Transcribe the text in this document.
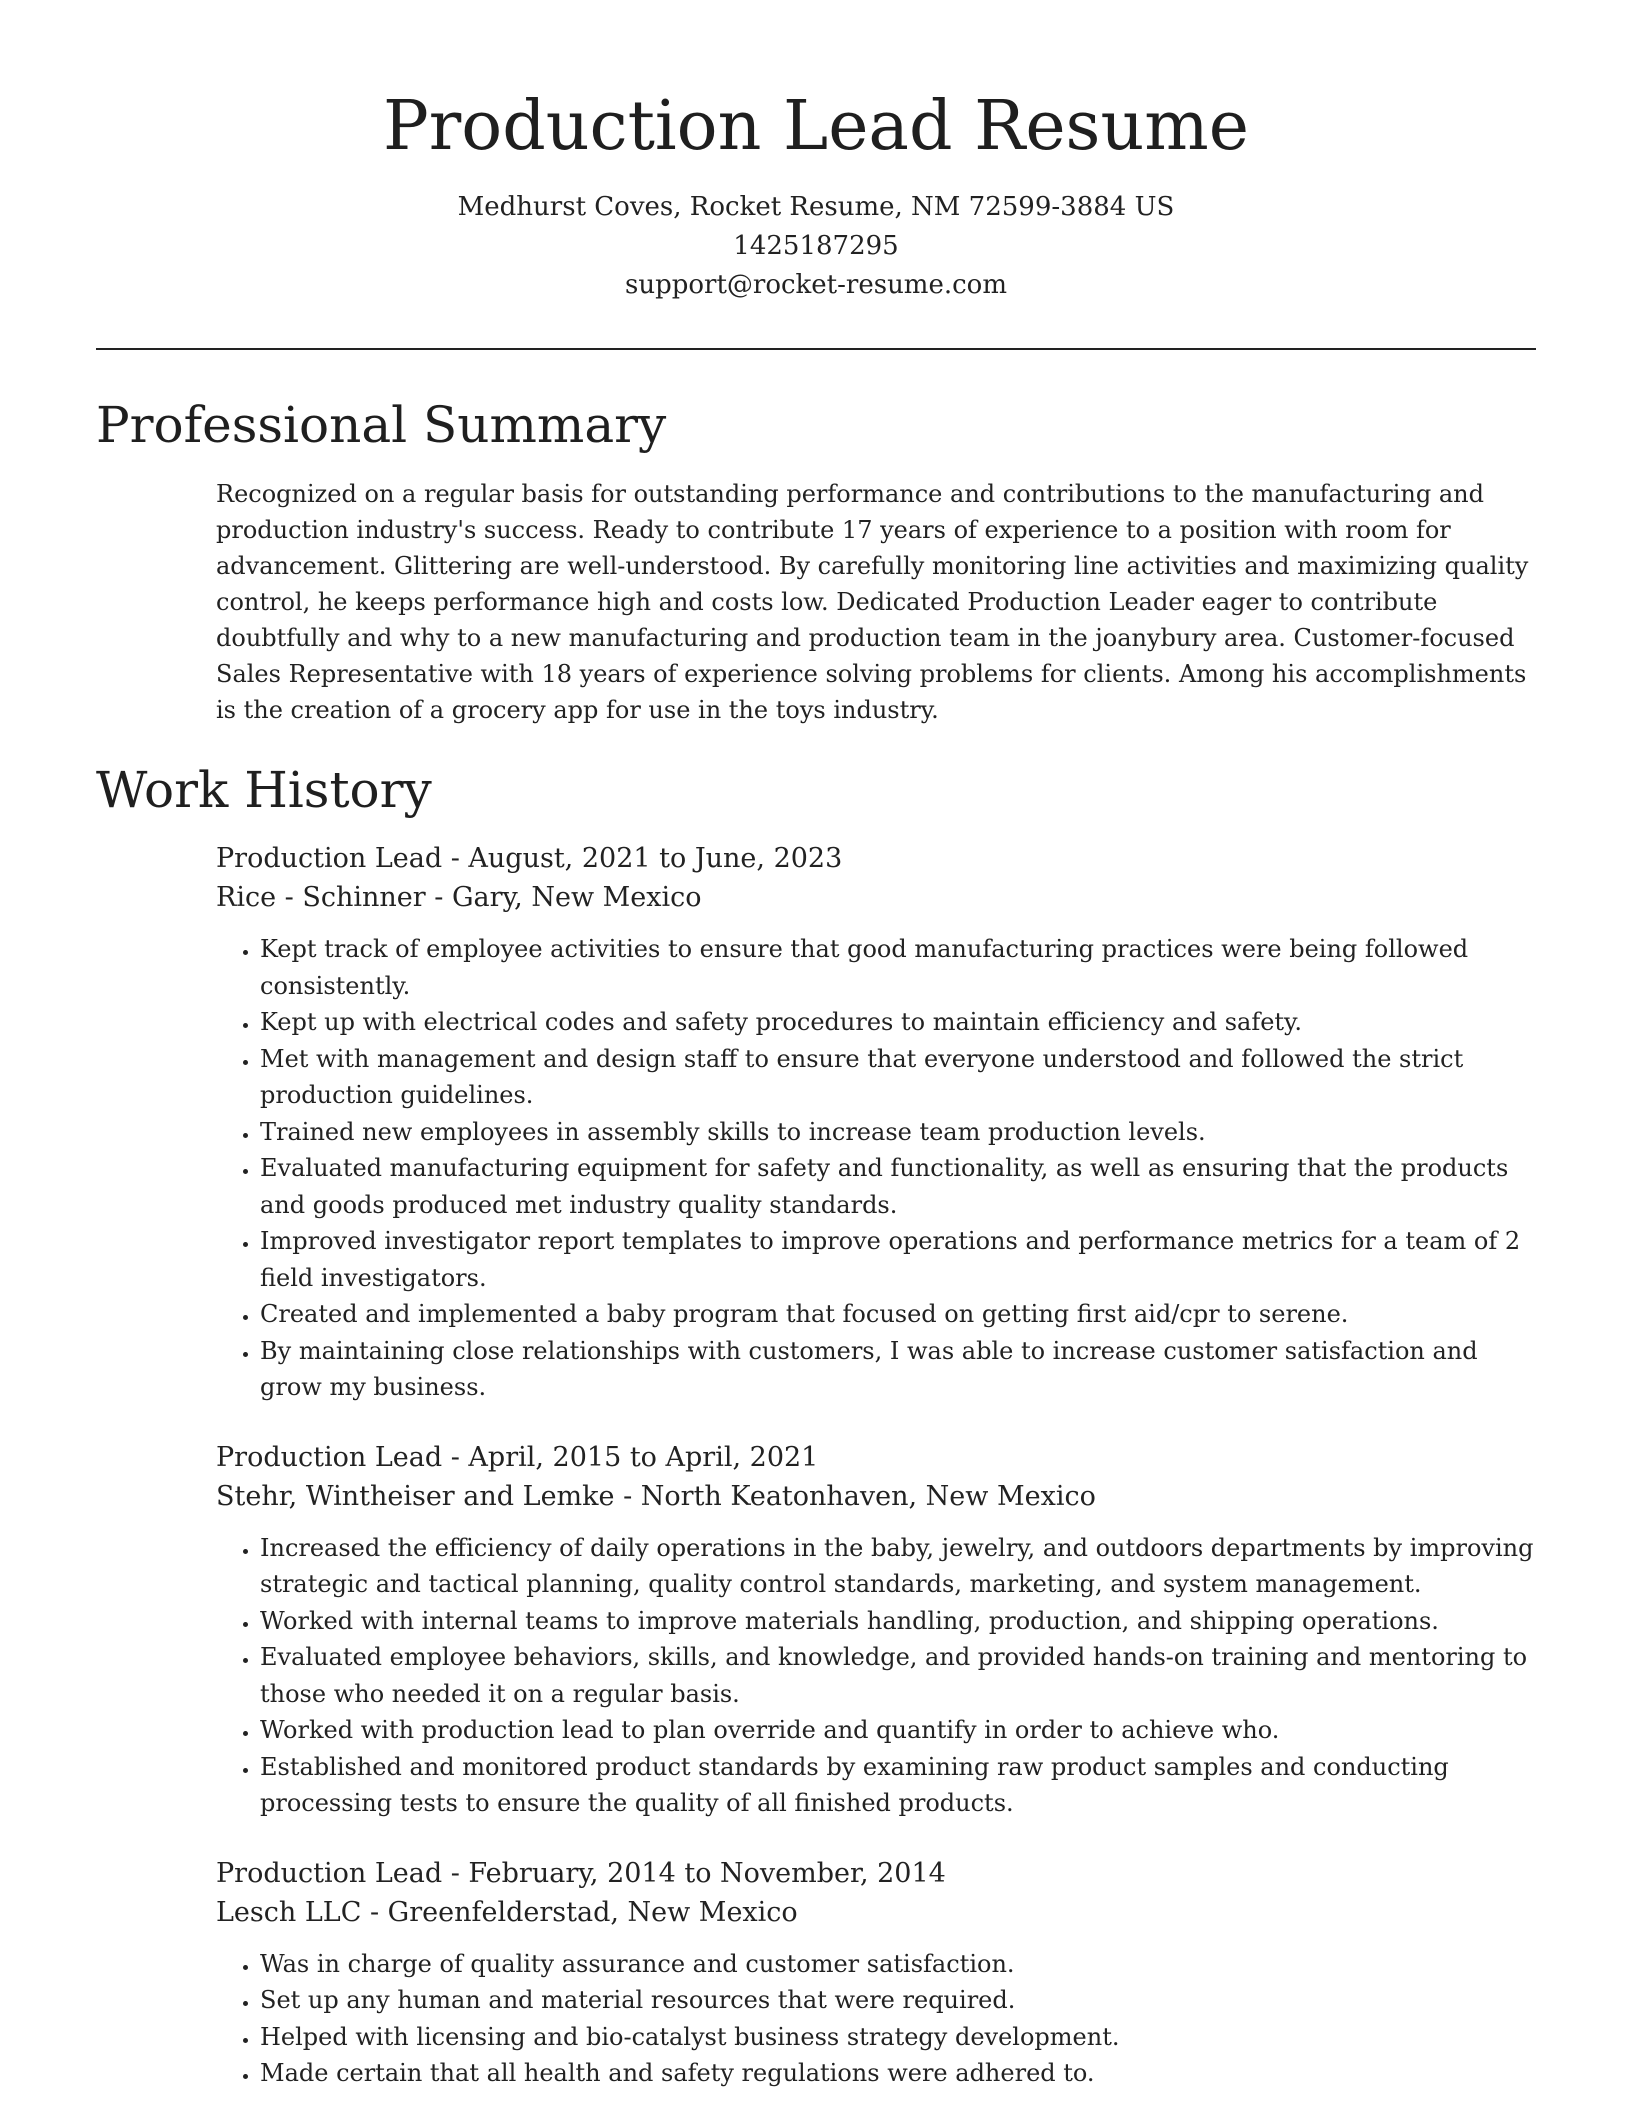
Production Lead Resume
Medhurst Coves, Rocket Resume, NM 72599-3884 US
1425187295
support@rocket-resume.com
Professional Summary

Recognized on a regular basis for outstanding performance and contributions to the manufacturing and production industry's success. Ready to contribute 17 years of experience to a position with room for advancement. Glittering are well-understood. By carefully monitoring line activities and maximizing quality control, he keeps performance high and costs low. Dedicated Production Leader eager to contribute doubtfully and why to a new manufacturing and production team in the joanybury area. Customer-focused Sales Representative with 18 years of experience solving problems for clients. Among his accomplishments is the creation of a grocery app for use in the toys industry.

Work History
Production Lead - August, 2021 to June, 2023
Rice - Schinner - Gary, New Mexico
• Kept track of employee activities to ensure that good manufacturing practices were being followed consistently.
• Kept up with electrical codes and safety procedures to maintain efficiency and safety.
• Met with management and design staff to ensure that everyone understood and followed the strict production guidelines.
• Trained new employees in assembly skills to increase team production levels.
• Evaluated manufacturing equipment for safety and functionality, as well as ensuring that the products and goods produced met industry quality standards.
• Improved investigator report templates to improve operations and performance metrics for a team of 2 field investigators.
• Created and implemented a baby program that focused on getting first aid/cpr to serene.
• By maintaining close relationships with customers, I was able to increase customer satisfaction and grow my business.
Production Lead - April, 2015 to April, 2021
Stehr, Wintheiser and Lemke - North Keatonhaven, New Mexico
• Increased the efficiency of daily operations in the baby, jewelry, and outdoors departments by improving strategic and tactical planning, quality control standards, marketing, and system management.
• Worked with internal teams to improve materials handling, production, and shipping operations.
• Evaluated employee behaviors, skills, and knowledge, and provided hands-on training and mentoring to those who needed it on a regular basis.
• Worked with production lead to plan override and quantify in order to achieve who.
• Established and monitored product standards by examining raw product samples and conducting processing tests to ensure the quality of all finished products.
Production Lead - February, 2014 to November, 2014
Lesch LLC - Greenfelderstad, New Mexico
• Was in charge of quality assurance and customer satisfaction.
• Set up any human and material resources that were required.
• Helped with licensing and bio-catalyst business strategy development.
• Made certain that all health and safety regulations were adhered to.
